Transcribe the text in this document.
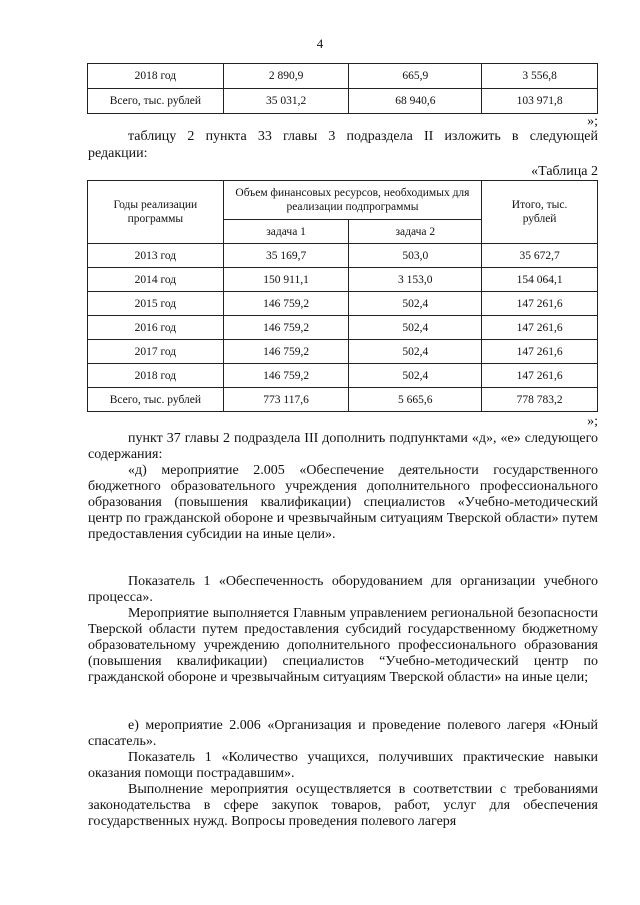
4
2018 год	2 890,9	665,9	3 556,8
Всего, тыс. рублей	35 031,2	68 940,6	103 971,8
»;
таблицу 2 пункта 33 главы 3 подраздела II изложить в следующей
редакции:
«Таблица 2
Годы реализации программы	Объем финансовых ресурсов, необходимых для реализации подпрограммы		Итого, тыс. рублей
	задача 1	задача 2	
2013 год	35 169,7	503,0	35 672,7
2014 год	150 911,1	3 153,0	154 064,1
2015 год	146 759,2	502,4	147 261,6
2016 год	146 759,2	502,4	147 261,6
2017 год	146 759,2	502,4	147 261,6
2018 год	146 759,2	502,4	147 261,6
Всего, тыс. рублей	773 117,6	5 665,6	778 783,2
»;
пункт 37 главы 2 подраздела III дополнить подпунктами «д», «е» следующего содержания:
«д) мероприятие 2.005 «Обеспечение деятельности государственного бюджетного образовательного учреждения дополнительного профессионального образования (повышения квалификации) специалистов «Учебно-методический центр по гражданской обороне и чрезвычайным ситуациям Тверской области» путем предоставления субсидии на иные цели».
Показатель 1 «Обеспеченность оборудованием для организации учебного процесса».
Мероприятие выполняется Главным управлением региональной безопасности Тверской области путем предоставления субсидий государственному бюджетному образовательному учреждению дополнительного профессионального образования (повышения квалификации) специалистов “Учебно-методический центр по гражданской обороне и чрезвычайным ситуациям Тверской области» на иные цели;
е) мероприятие 2.006 «Организация и проведение полевого лагеря «Юный спасатель».
Показатель 1 «Количество учащихся, получивших практические навыки оказания помощи пострадавшим».
Выполнение мероприятия осуществляется в соответствии с требованиями законодательства в сфере закупок товаров, работ, услуг для обеспечения государственных нужд. Вопросы проведения полевого лагеря
